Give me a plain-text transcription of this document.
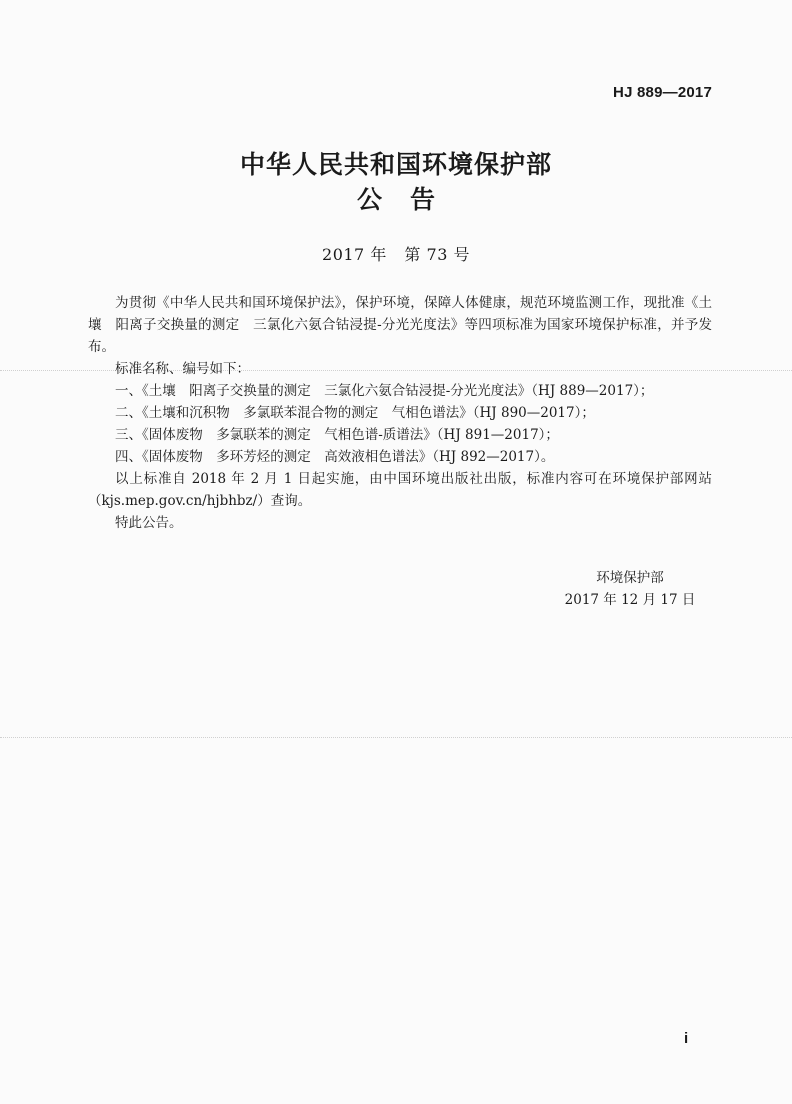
HJ 889—2017
中华人民共和国环境保护部
公告
2017 年 第 73 号

为贯彻《中华人民共和国环境保护法》，保护环境，保障人体健康，规范环境监测工作，现批准《土壤　阳离子交换量的测定　三氯化六氨合钴浸提-分光光度法》等四项标准为国家环境保护标准，并予发布。

标准名称、编号如下：

一、《土壤　阳离子交换量的测定　三氯化六氨合钴浸提-分光光度法》（HJ 889—2017）；

二、《土壤和沉积物　多氯联苯混合物的测定　气相色谱法》（HJ 890—2017）；

三、《固体废物　多氯联苯的测定　气相色谱-质谱法》（HJ 891—2017）；

四、《固体废物　多环芳烃的测定　高效液相色谱法》（HJ 892—2017）。

以上标准自 2018 年 2 月 1 日起实施，由中国环境出版社出版，标准内容可在环境保护部网站（kjs.mep.gov.cn/hjbhbz/）查询。

特此公告。

环境保护部

2017 年 12 月 17 日

i
